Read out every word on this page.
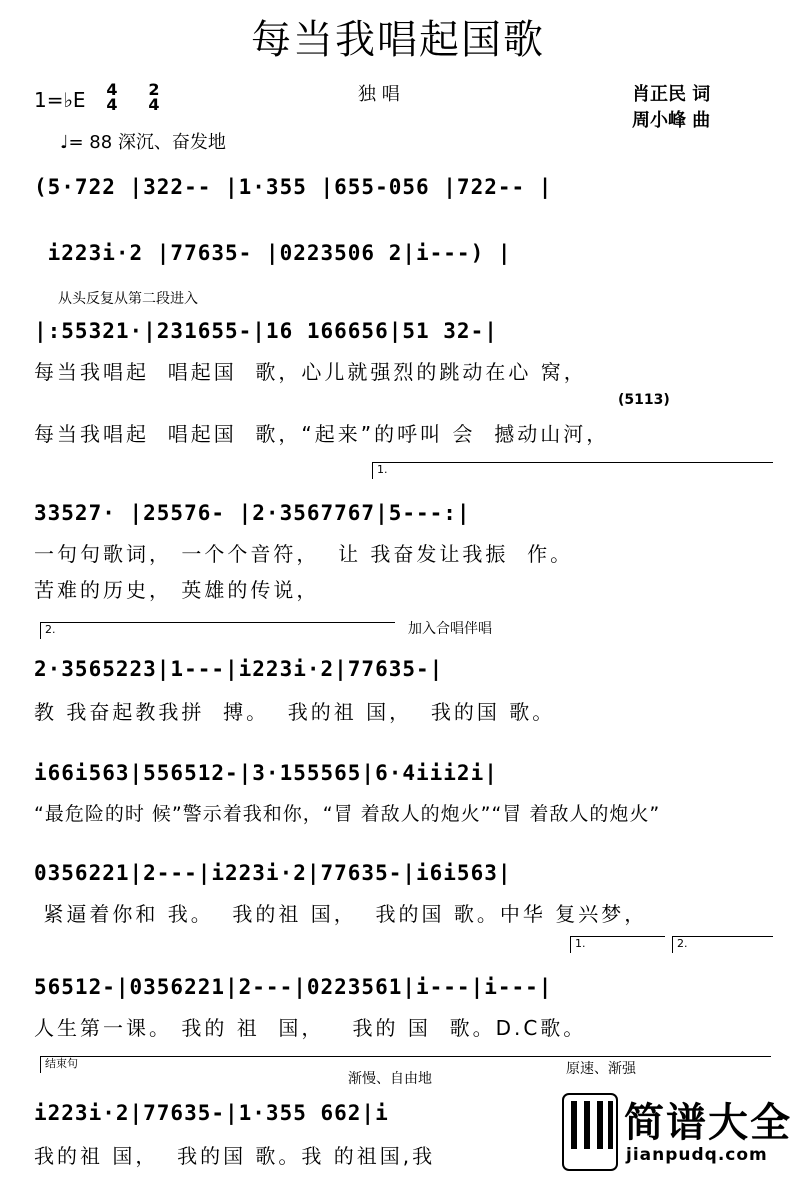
每当我唱起国歌
1=♭E	4
4
2
4	独 唱	肖正民 词
周小峰 曲
♩= 88 深沉、奋发地
(5·722 |322-- |1·355 |655-056 |722-- |
i223i·2 |77635- |0223506 2|i---) |
从头反复从第二段进入
|:55321·|231655-|16 166656|51 32-|
每当我唱起  唱起国  歌，心儿就强烈的跳动在心 窝，
(5113)
每当我唱起  唱起国  歌，“起来”的呼叫 会  撼动山河，
1.
33527· |25576- |2·3567767|5---:|
一句句歌词， 一个个音符，  让 我奋发让我振  作。
苦难的历史， 英雄的传说，
2.	加入合唱伴唱
2·3565223|1---|i223i·2|77635-|
教 我奋起教我拼  搏。  我的祖 国，  我的国 歌。
i66i563|556512-|3·155565|6·4iii2i|
“最危险的时 候”警示着我和你，“冒 着敌人的炮火”“冒 着敌人的炮火”
0356221|2---|i223i·2|77635-|i6i563|
紧逼着你和 我。  我的祖 国，  我的国 歌。中华 复兴梦，
1.	2.
56512-|0356221|2---|0223561|i---|i---|
人生第一课。 我的 祖  国，   我的 国  歌。D.C歌。
结束句
渐慢、自由地
原速、渐强
i223i·2|77635-|1·355 662|i
我的祖 国，  我的国 歌。我 的祖国,我
简谱大全
jianpudq.com
